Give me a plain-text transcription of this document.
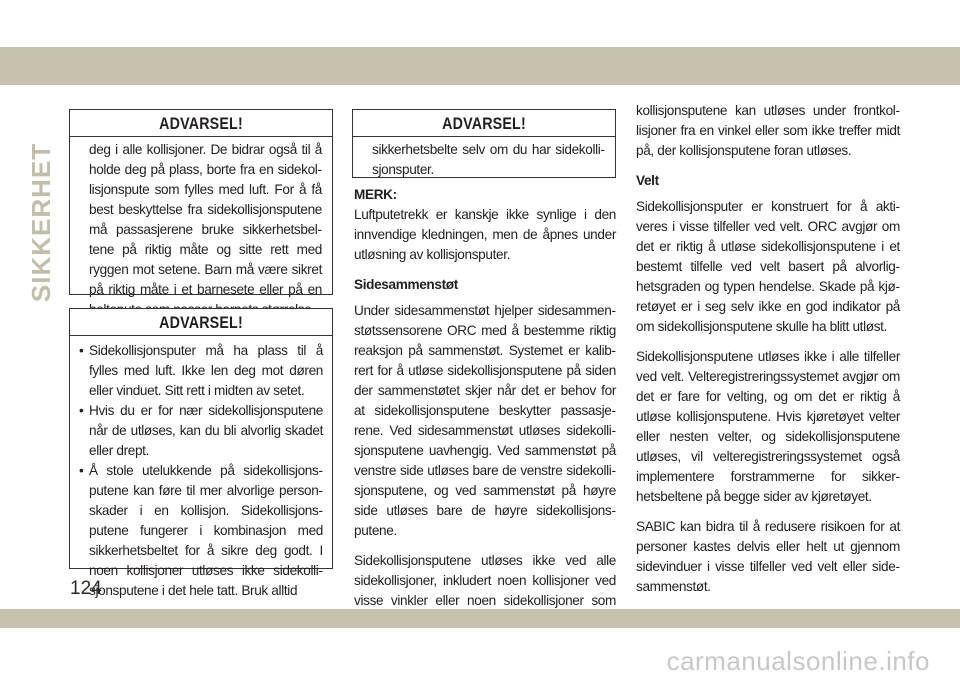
SIKKERHET
ADVARSEL!
deg i alle kollisjoner. De bidrar også til å holde deg på plass, borte fra en sidekollisjonspute som fylles med luft. For å få best beskyttelse fra sidekollisjonsputene må passasjerene bruke sikkerhetsbeltene på riktig måte og sitte rett med ryggen mot setene. Barn må være sikret på riktig måte i et barnesete eller på en
ADVARSEL!
• Sidekollisjonsputer må ha plass til å fylles med luft. Ikke len deg mot døren eller vinduet. Sitt rett i midten av setet.
• Hvis du er for nær sidekollisjonsputene når de utløses, kan du bli alvorlig skadet eller drept.
• Å stole utelukkende på sidekollisjonsputene kan føre til mer alvorlige personskader i en kollisjon. Sidekollisjonsputene fungerer i kombinasjon med sikkerhetsbeltet for å sikre deg godt. I noen kollisjoner utløses ikke sidekollisjonsputene i det hele tatt. Bruk alltid
ADVARSEL!
sikkerhetsbelte selv om du har sidekollisjonsputer.

MERK:

Luftputetrekk er kanskje ikke synlige i den innvendige kledningen, men de åpnes under utløsning av kollisjonsputer.

Sidesammenstøt

Under sidesammenstøt hjelper sidesammenstøtssensorene ORC med å bestemme riktig reaksjon på sammenstøt. Systemet er kalibrert for å utløse sidekollisjonsputene på siden der sammenstøtet skjer når det er behov for at sidekollisjonsputene beskytter passasjerene. Ved sidesammenstøt utløses sidekollisjonsputene uavhengig. Ved sammenstøt på venstre side utløses bare de venstre sidekollisjonsputene, og ved sammenstøt på høyre side utløses bare de høyre sidekollisjonsputene.

Sidekollisjonsputene utløses ikke ved alle sidekollisjoner, inkludert noen kollisjoner ved visse vinkler eller noen sidekollisjoner som

kollisjonsputene kan utløses under frontkollisjoner fra en vinkel eller som ikke treffer midt på, der kollisjonsputene foran utløses.

Velt

Sidekollisjonsputer er konstruert for å aktiveres i visse tilfeller ved velt. ORC avgjør om det er riktig å utløse sidekollisjonsputene i et bestemt tilfelle ved velt basert på alvorlighetsgraden og typen hendelse. Skade på kjøretøyet er i seg selv ikke en god indikator på om sidekollisjonsputene skulle ha blitt utløst.

Sidekollisjonsputene utløses ikke i alle tilfeller ved velt. Velteregistreringssystemet avgjør om det er fare for velting, og om det er riktig å utløse kollisjonsputene. Hvis kjøretøyet velter eller nesten velter, og sidekollisjonsputene utløses, vil velteregistreringssystemet også implementere forstrammerne for sikkerhetsbeltene på begge sider av kjøretøyet.

SABIC kan bidra til å redusere risikoen for at personer kastes delvis eller helt ut gjennom sidevinduer i visse tilfeller ved velt eller sidesammenstøt.

124
carmanualsonline.info
